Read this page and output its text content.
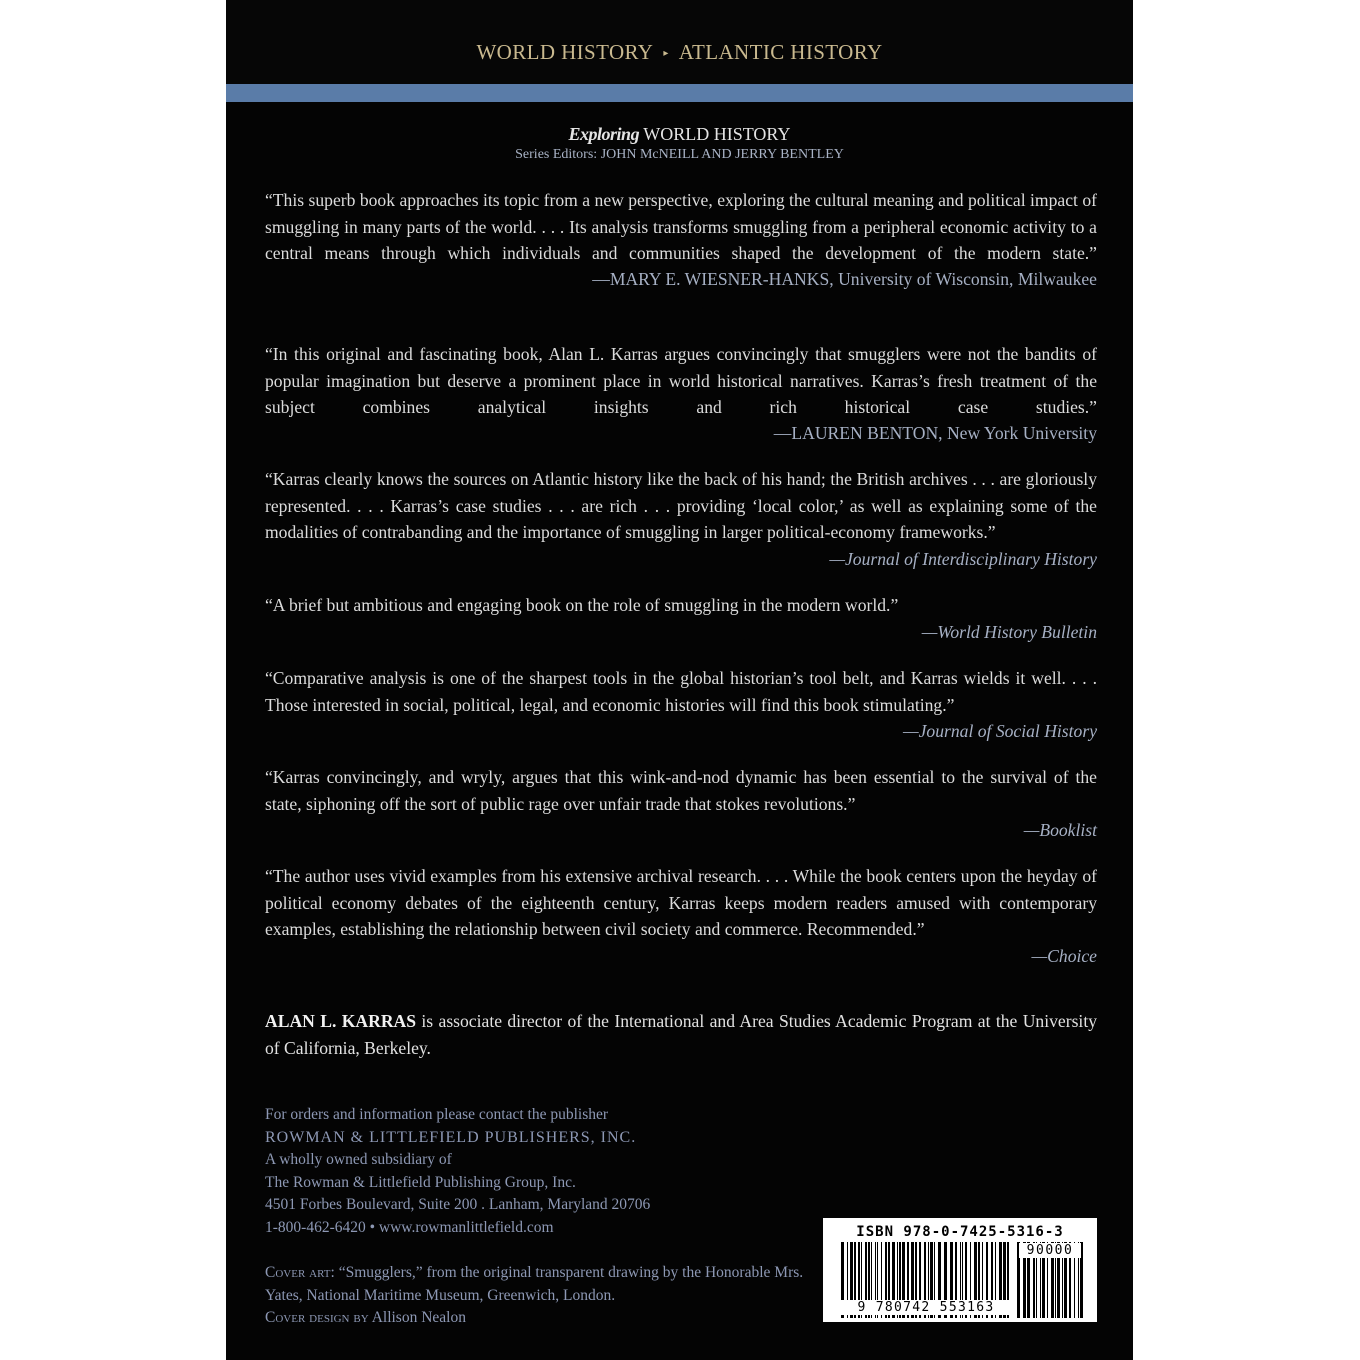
WORLD HISTORY ▸ ATLANTIC HISTORY
Exploring WORLD HISTORY
Series Editors: JOHN McNEILL AND JERRY BENTLEY
“This superb book approaches its topic from a new perspective, exploring the cultural meaning and political impact of smuggling in many parts of the world. . . . Its analysis transforms smuggling from a peripheral economic activity to a central means through which individuals and communities shaped the development of the modern state.”
—MARY E. WIESNER-HANKS, University of Wisconsin, Milwaukee
“In this original and fascinating book, Alan L. Karras argues convincingly that smugglers were not the bandits of popular imagination but deserve a prominent place in world historical narratives. Karras’s fresh treatment of the subject combines analytical insights and rich historical case studies.”
—LAUREN BENTON, New York University
“Karras clearly knows the sources on Atlantic history like the back of his hand; the British archives . . . are gloriously represented. . . . Karras’s case studies . . . are rich . . . providing ‘local color,’ as well as explaining some of the modalities of contrabanding and the importance of smuggling in larger political-economy frameworks.”
—Journal of Interdisciplinary History
“A brief but ambitious and engaging book on the role of smuggling in the modern world.”
—World History Bulletin
“Comparative analysis is one of the sharpest tools in the global historian’s tool belt, and Karras wields it well. . . . Those interested in social, political, legal, and economic histories will find this book stimulating.”
—Journal of Social History
“Karras convincingly, and wryly, argues that this wink-and-nod dynamic has been essential to the survival of the state, siphoning off the sort of public rage over unfair trade that stokes revolutions.”
—Booklist
“The author uses vivid examples from his extensive archival research. . . . While the book centers upon the heyday of political economy debates of the eighteenth century, Karras keeps modern readers amused with contemporary examples, establishing the relationship between civil society and commerce. Recommended.”
—Choice
ALAN L. KARRAS is associate director of the International and Area Studies Academic Program at the University of California, Berkeley.
For orders and information please contact the publisher
ROWMAN & LITTLEFIELD PUBLISHERS, INC.
A wholly owned subsidiary of
The Rowman & Littlefield Publishing Group, Inc.
4501 Forbes Boulevard, Suite 200 . Lanham, Maryland 20706
1-800-462-6420 • www.rowmanlittlefield.com
Cover art: “Smugglers,” from the original transparent drawing by the Honorable Mrs. Yates, National Maritime Museum, Greenwich, London.
Cover design by Allison Nealon
ISBN 978-0-7425-5316-3
9 780742 553163
90000
